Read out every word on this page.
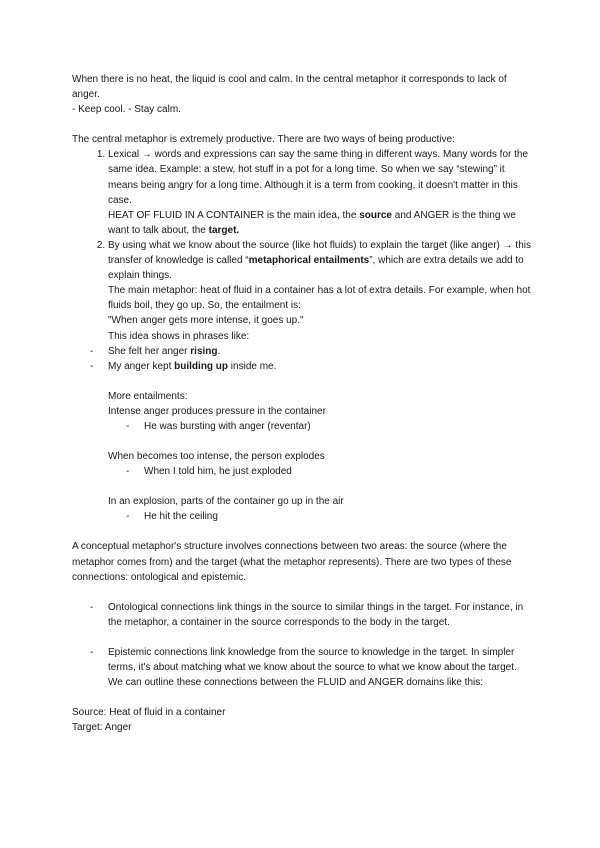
When there is no heat, the liquid is cool and calm. In the central metaphor it corresponds to lack of anger.

- Keep cool. - Stay calm.

The central metaphor is extremely productive. There are two ways of being productive:

1. Lexical → words and expressions can say the same thing in different ways. Many words for the same idea. Example: a stew, hot stuff in a pot for a long time. So when we say “stewing” it means being angry for a long time. Although it is a term from cooking, it doesn't matter in this case.

HEAT OF FLUID IN A CONTAINER is the main idea, the source and ANGER is the thing we want to talk about, the target.

2. By using what we know about the source (like hot fluids) to explain the target (like anger) → this transfer of knowledge is called “metaphorical entailments”, which are extra details we add to explain things.

The main metaphor: heat of fluid in a container has a lot of extra details. For example, when hot fluids boil, they go up. So, the entailment is:

"When anger gets more intense, it goes up."

This idea shows in phrases like:

- She felt her anger rising.

- My anger kept building up inside me.

More entailments:

Intense anger produces pressure in the container

- He was bursting with anger (reventar)

When becomes too intense, the person explodes

- When I told him, he just exploded

In an explosion, parts of the container go up in the air

- He hit the ceiling

A conceptual metaphor's structure involves connections between two areas: the source (where the metaphor comes from) and the target (what the metaphor represents). There are two types of these connections: ontological and epistemic.

- Ontological connections link things in the source to similar things in the target. For instance, in the metaphor, a container in the source corresponds to the body in the target.

- Epistemic connections link knowledge from the source to knowledge in the target. In simpler terms, it's about matching what we know about the source to what we know about the target. We can outline these connections between the FLUID and ANGER domains like this:

Source: Heat of fluid in a container

Target: Anger
